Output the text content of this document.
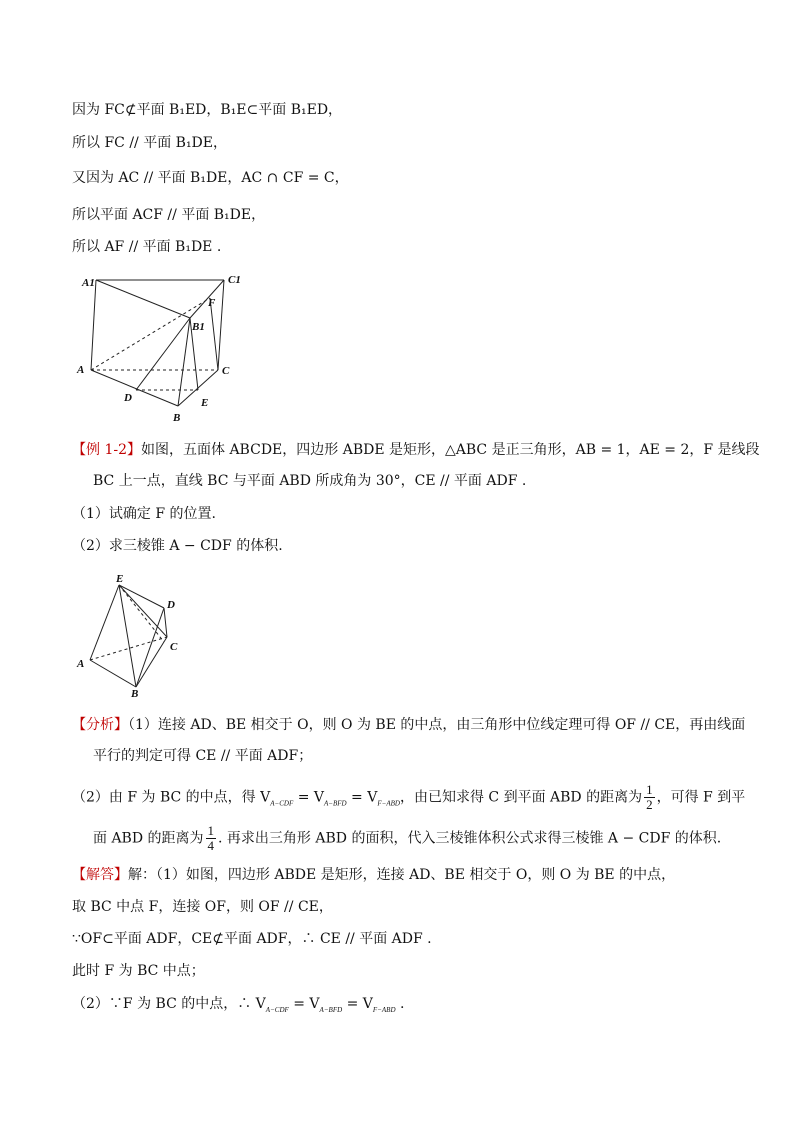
因为 FC⊄平面 B₁ED，B₁E⊂平面 B₁ED，
所以 FC // 平面 B₁DE，
又因为 AC // 平面 B₁DE，AC ∩ CF = C，
所以平面 ACF // 平面 B₁DE，
所以 AF // 平面 B₁DE .
A1	C1
F
B1
A	C
D	E
B
【例 1-2】如图，五面体 ABCDE，四边形 ABDE 是矩形，△ABC 是正三角形，AB = 1，AE = 2，F 是线段
BC 上一点，直线 BC 与平面 ABD 所成角为 30°，CE // 平面 ADF .
（1）试确定 F 的位置.
（2）求三棱锥 A − CDF 的体积.
E
D
C
A
B
【分析】（1）连接 AD、BE 相交于 O，则 O 为 BE 的中点，由三角形中位线定理可得 OF // CE，再由线面
平行的判定可得 CE // 平面 ADF；
（2）由 F 为 BC 的中点，得 $V_{A-CDF} = V_{A-BFD} = V_{F-ABD}$，由已知求得 C 到平面 ABD 的距离为 $\frac{1}{2}$ ，可得 F 到平
面 ABD 的距离为 $\frac{1}{4}$ . 再求出三角形 ABD 的面积，代入三棱锥体积公式求得三棱锥 A − CDF 的体积.
【解答】解：（1）如图，四边形 ABDE 是矩形，连接 AD、BE 相交于 O，则 O 为 BE 的中点，
取 BC 中点 F，连接 OF，则 OF // CE，
∵OF⊂平面 ADF，CE⊄平面 ADF，∴ CE // 平面 ADF .
此时 F 为 BC 中点；
（2）∵F 为 BC 的中点，∴ $V_{A-CDF} = V_{A-BFD} = V_{F-ABD}$ .
